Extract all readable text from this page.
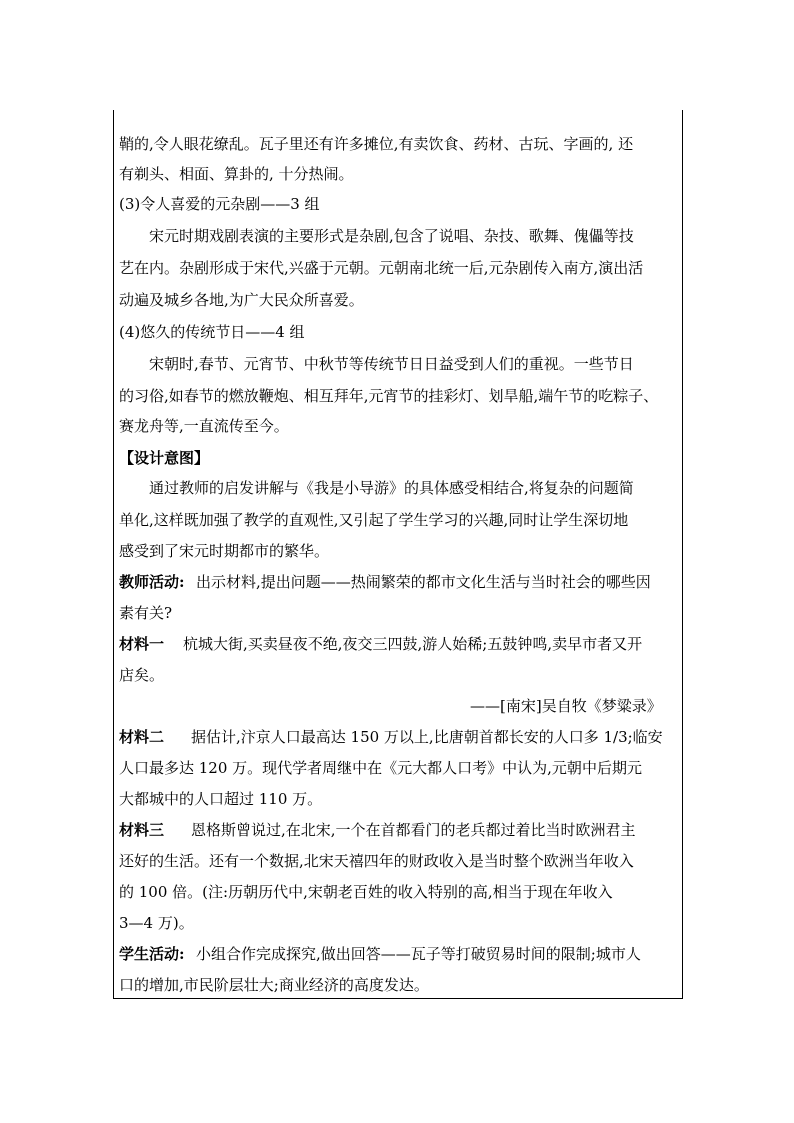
鞘的,令人眼花缭乱。瓦子里还有许多摊位,有卖饮食、药材、古玩、字画的, 还
有剃头、相面、算卦的, 十分热闹。
(3)令人喜爱的元杂剧——3 组
宋元时期戏剧表演的主要形式是杂剧,包含了说唱、杂技、歌舞、傀儡等技
艺在内。杂剧形成于宋代,兴盛于元朝。元朝南北统一后,元杂剧传入南方,演出活
动遍及城乡各地,为广大民众所喜爱。
(4)悠久的传统节日——4 组
宋朝时,春节、元宵节、中秋节等传统节日日益受到人们的重视。一些节日
的习俗,如春节的燃放鞭炮、相互拜年,元宵节的挂彩灯、划旱船,端午节的吃粽子、
赛龙舟等,一直流传至今。
【设计意图】
通过教师的启发讲解与《我是小导游》的具体感受相结合,将复杂的问题简
单化,这样既加强了教学的直观性,又引起了学生学习的兴趣,同时让学生深切地
感受到了宋元时期都市的繁华。
教师活动: 出示材料,提出问题——热闹繁荣的都市文化生活与当时社会的哪些因
素有关?
材料一 杭城大街,买卖昼夜不绝,夜交三四鼓,游人始稀;五鼓钟鸣,卖早市者又开
店矣。
——[南宋]吴自牧《梦粱录》
材料二 据估计,汴京人口最高达 150 万以上,比唐朝首都长安的人口多 1/3;临安
人口最多达 120 万。现代学者周继中在《元大都人口考》中认为,元朝中后期元
大都城中的人口超过 110 万。
材料三 恩格斯曾说过,在北宋,一个在首都看门的老兵都过着比当时欧洲君主
还好的生活。还有一个数据,北宋天禧四年的财政收入是当时整个欧洲当年收入
的 100 倍。(注:历朝历代中,宋朝老百姓的收入特别的高,相当于现在年收入
3—4 万)。
学生活动: 小组合作完成探究,做出回答——瓦子等打破贸易时间的限制;城市人
口的增加,市民阶层壮大;商业经济的高度发达。
